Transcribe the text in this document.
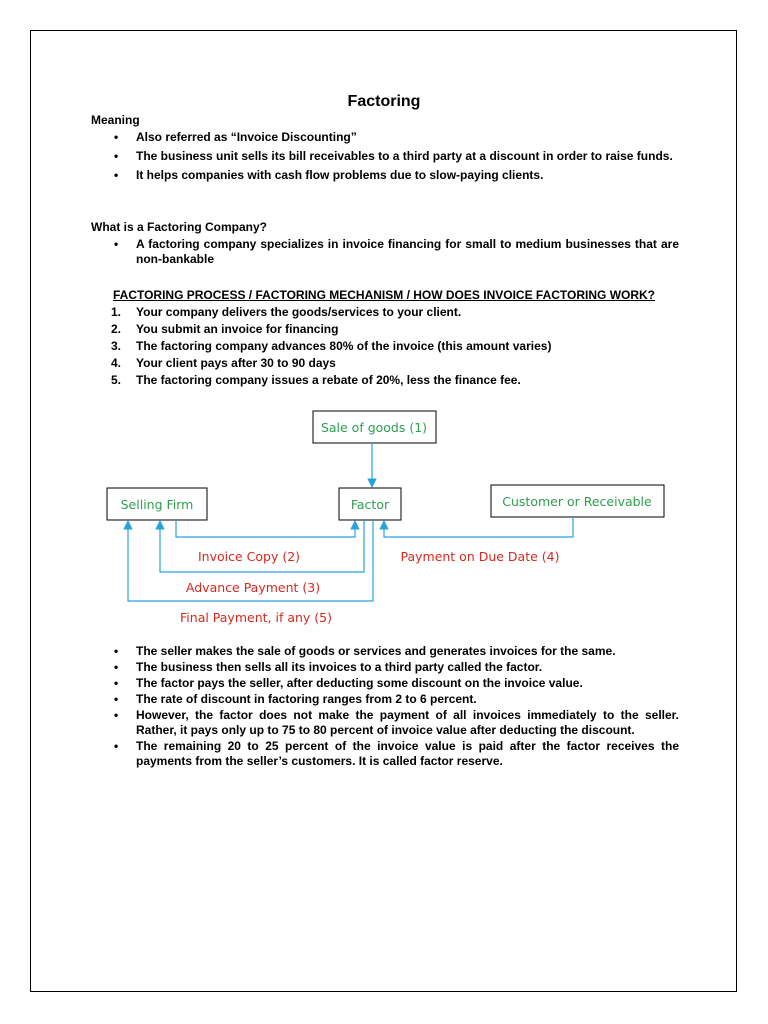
Factoring
Meaning
• Also referred as “Invoice Discounting”
• The business unit sells its bill receivables to a third party at a discount in order to raise funds.
• It helps companies with cash flow problems due to slow-paying clients.
What is a Factoring Company?
• A factoring company specializes in invoice financing for small to medium businesses that are non-bankable
FACTORING PROCESS / FACTORING MECHANISM / HOW DOES INVOICE FACTORING WORK?
1. Your company delivers the goods/services to your client.
2. You submit an invoice for financing
3. The factoring company advances 80% of the invoice (this amount varies)
4. Your client pays after 30 to 90 days
5. The factoring company issues a rebate of 20%, less the finance fee.
Sale of goods (1)
Selling Firm	Factor	Customer or Receivable
Invoice Copy (2)	Payment on Due Date (4)
Advance Payment (3)
Final Payment, if any (5)
• The seller makes the sale of goods or services and generates invoices for the same.
• The business then sells all its invoices to a third party called the factor.
• The factor pays the seller, after deducting some discount on the invoice value.
• The rate of discount in factoring ranges from 2 to 6 percent.
• However, the factor does not make the payment of all invoices immediately to the seller. Rather, it pays only up to 75 to 80 percent of invoice value after deducting the discount.
• The remaining 20 to 25 percent of the invoice value is paid after the factor receives the payments from the seller’s customers. It is called factor reserve.
